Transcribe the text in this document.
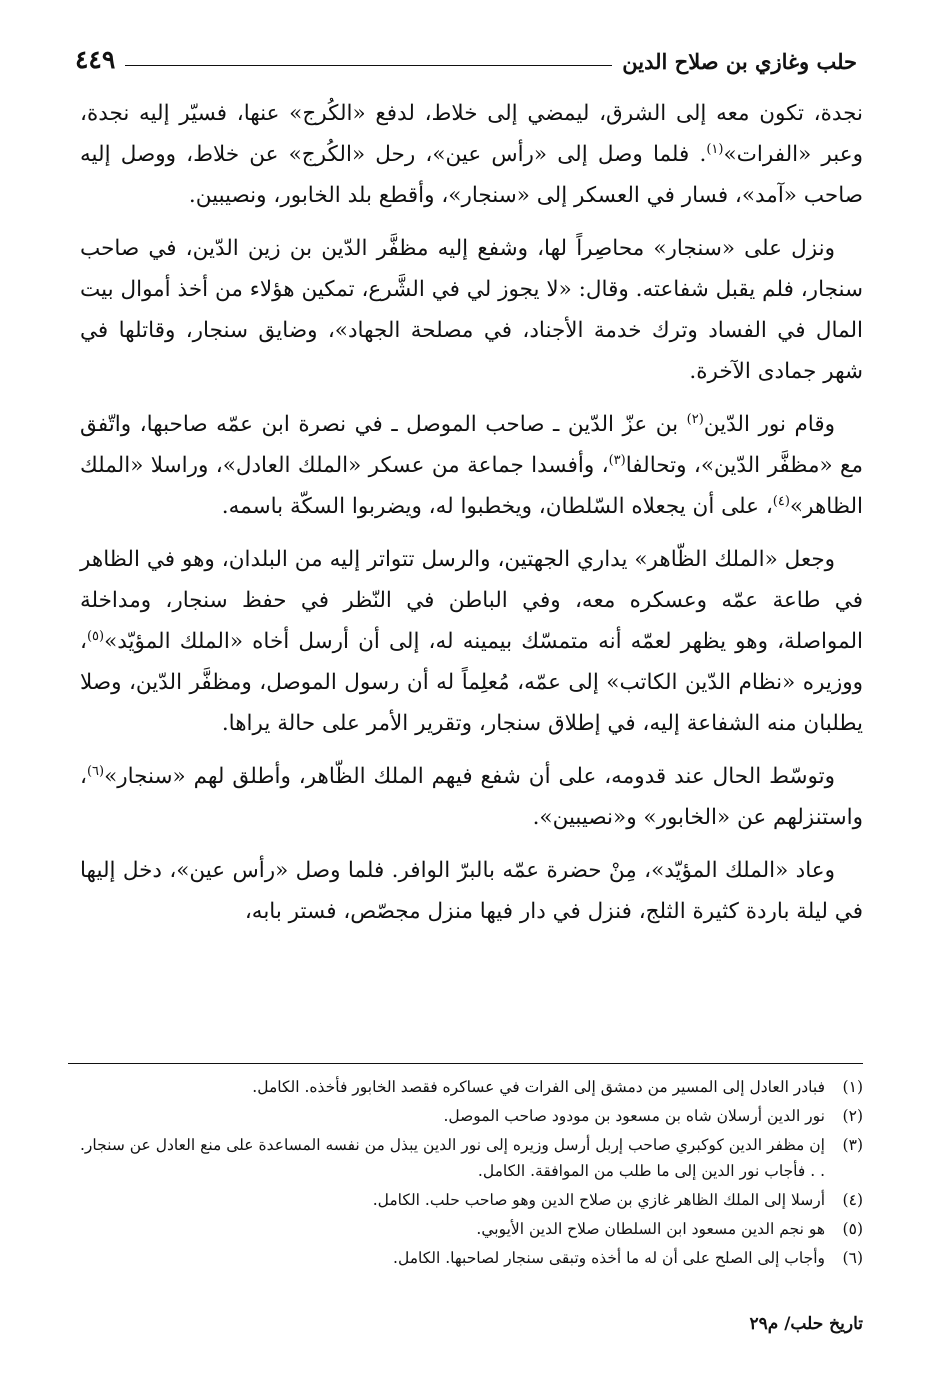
حلب وغازي بن صلاح الدين
٤٤٩

نجدة، تكون معه إلى الشرق، ليمضي إلى خلاط، لدفع «الكُرج» عنها، فسيّر إليه نجدة، وعبر «الفرات»$^{(١)}$. فلما وصل إلى «رأس عين»، رحل «الكُرج» عن خلاط، ووصل إليه صاحب «آمد»، فسار في العسكر إلى «سنجار»، وأقطع بلد الخابور، ونصيبين.

ونزل على «سنجار» محاصِراً لها، وشفع إليه مظفَّر الدّين بن زين الدّين، في صاحب سنجار، فلم يقبل شفاعته. وقال: «لا يجوز لي في الشَّرع، تمكين هؤلاء من أخذ أموال بيت المال في الفساد وترك خدمة الأجناد، في مصلحة الجهاد»، وضايق سنجار، وقاتلها في شهر جمادى الآخرة.

وقام نور الدّين$^{(٢)}$ بن عزّ الدّين ـ صاحب الموصل ـ في نصرة ابن عمّه صاحبها، واتّفق مع «مظفَّر الدّين»، وتحالفا$^{(٣)}$، وأفسدا جماعة من عسكر «الملك العادل»، وراسلا «الملك الظاهر»$^{(٤)}$، على أن يجعلاه السّلطان، ويخطبوا له، ويضربوا السكّة باسمه.

وجعل «الملك الظّاهر» يداري الجهتين، والرسل تتواتر إليه من البلدان، وهو في الظاهر في طاعة عمّه وعسكره معه، وفي الباطن في النّظر في حفظ سنجار، ومداخلة المواصلة، وهو يظهر لعمّه أنه متمسّك بيمينه له، إلى أن أرسل أخاه «الملك المؤيّد»$^{(٥)}$، ووزيره «نظام الدّين الكاتب» إلى عمّه، مُعلِماً له أن رسول الموصل، ومظفَّر الدّين، وصلا يطلبان منه الشفاعة إليه، في إطلاق سنجار، وتقرير الأمر على حالة يراها.

وتوسّط الحال عند قدومه، على أن شفع فيهم الملك الظّاهر، وأطلق لهم «سنجار»$^{(٦)}$، واستنزلهم عن «الخابور» و«نصيبين».

وعاد «الملك المؤيّد»، مِنْ حضرة عمّه بالبرّ الوافر. فلما وصل «رأس عين»، دخل إليها في ليلة باردة كثيرة الثلج، فنزل في دار فيها منزل مجصّص، فستر بابه،

(١)
فبادر العادل إلى المسير من دمشق إلى الفرات في عساكره فقصد الخابور فأخذه. الكامل.
(٢)
نور الدين أرسلان شاه بن مسعود بن مودود صاحب الموصل.
(٣)
إن مظفر الدين كوكبري صاحب إربل أرسل وزيره إلى نور الدين يبذل من نفسه المساعدة على منع العادل عن سنجار. . . فأجاب نور الدين إلى ما طلب من الموافقة. الكامل.
(٤)
أرسلا إلى الملك الظاهر غازي بن صلاح الدين وهو صاحب حلب. الكامل.
(٥)
هو نجم الدين مسعود ابن السلطان صلاح الدين الأيوبي.
(٦)
وأجاب إلى الصلح على أن له ما أخذه وتبقى سنجار لصاحبها. الكامل.
تاريخ حلب/ م٢٩
